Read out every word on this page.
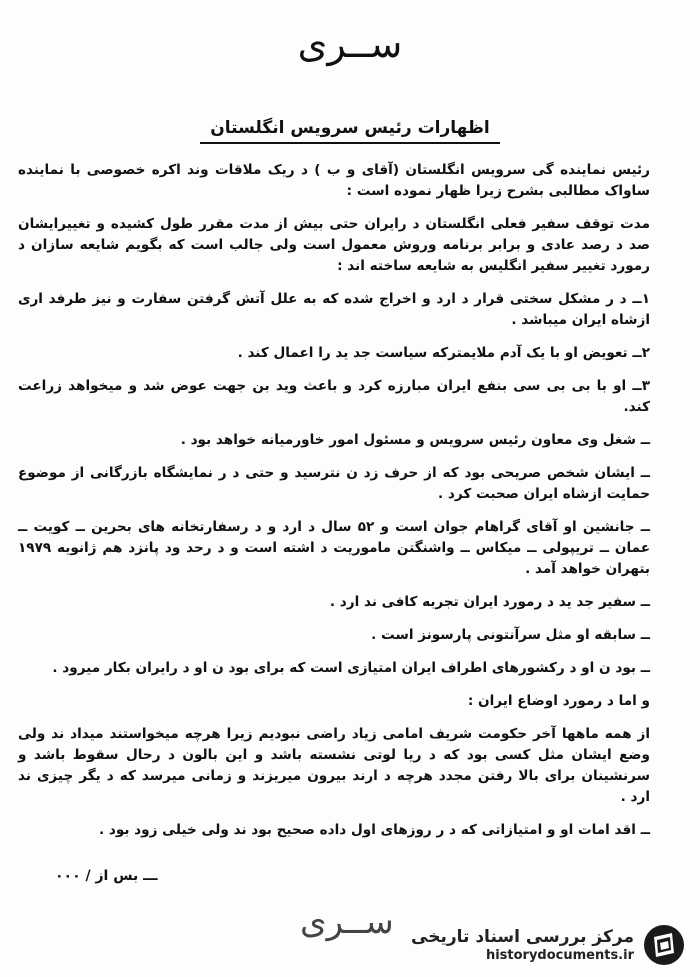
ســرى
اظهارات رئیس سرویس انگلستان

رئیس نماینده گی سرویس انگلستان (آقای و ب ) د ریک ملاقات وند اکره خصوصی با نماینده ساواک مطالبی بشرح زیرا ظهار نموده است :

مدت توقف سفیر فعلی انگلستان د رایران حتی بیش از مدت مقرر طول کشیده و تغییرایشان صد د رصد عادی و برابر برنامه وروش معمول است ولی جالب است که بگویم شایعه سازان د رمورد تغییر سفیر انگلیس به شایعه ساخته اند :

۱ــ د ر مشکل سختی قرار د ارد و اخراج شده که به علل آتش گرفتن سفارت و نیز طرفد اری ازشاه ایران میباشد .
۲ــ تعویض او با یک آدم ملایمترکه سیاست جد ید را اعمال کند .
۳ــ او با بی بی سی بنفع ایران مبارزه کرد و باعث وید بن جهت عوض شد و میخواهد زراعت کند.
ــ شغل وی معاون رئیس سرویس و مسئول امور خاورمیانه خواهد بود .
ــ ایشان شخص صریحی بود که از حرف زد ن نترسید و حتی د ر نمایشگاه بازرگانی از موضوع حمایت ازشاه ایران صحبت کرد .
ــ جانشین او آقای گراهام جوان است و ۵۲ سال د ارد و د رسفارتخانه های بحرین ــ کویت ــ عمان ــ تریپولی ــ میکاس ــ واشنگتن ماموریت د اشته است و د رحد ود پانزد هم ژانویه ۱۹۷۹ بتهران خواهد آمد .
ــ سفیر جد ید د رمورد ایران تجربه کافی ند ارد .
ــ سابقه او مثل سرآنتونی پارسونز است .
ــ بود ن او د رکشورهای اطراف ایران امتیازی است که برای بود ن او د رایران بکار میرود .

و اما د رمورد اوضاع ایران :

از همه ماهها آخر حکومت شریف امامی زیاد راضی نبودیم زیرا هرچه میخواستند میداد ند ولی وضع ایشان مثل کسی بود که د ریا لوتی نشسته باشد و این بالون د رحال سقوط باشد و سرنشینان برای بالا رفتن مجدد هرچه د ارند بیرون میریزند و زمانی میرسد که د یگر چیزی ند ارد .

ــ اقد امات او و امتیازاتی که د ر روزهای اول داده صحیح بود ند ولی خیلی زود بود .

ـــ بس از / ۰۰۰
ســرى مرکز بررسی اسناد تاریخی
historydocuments.ir
